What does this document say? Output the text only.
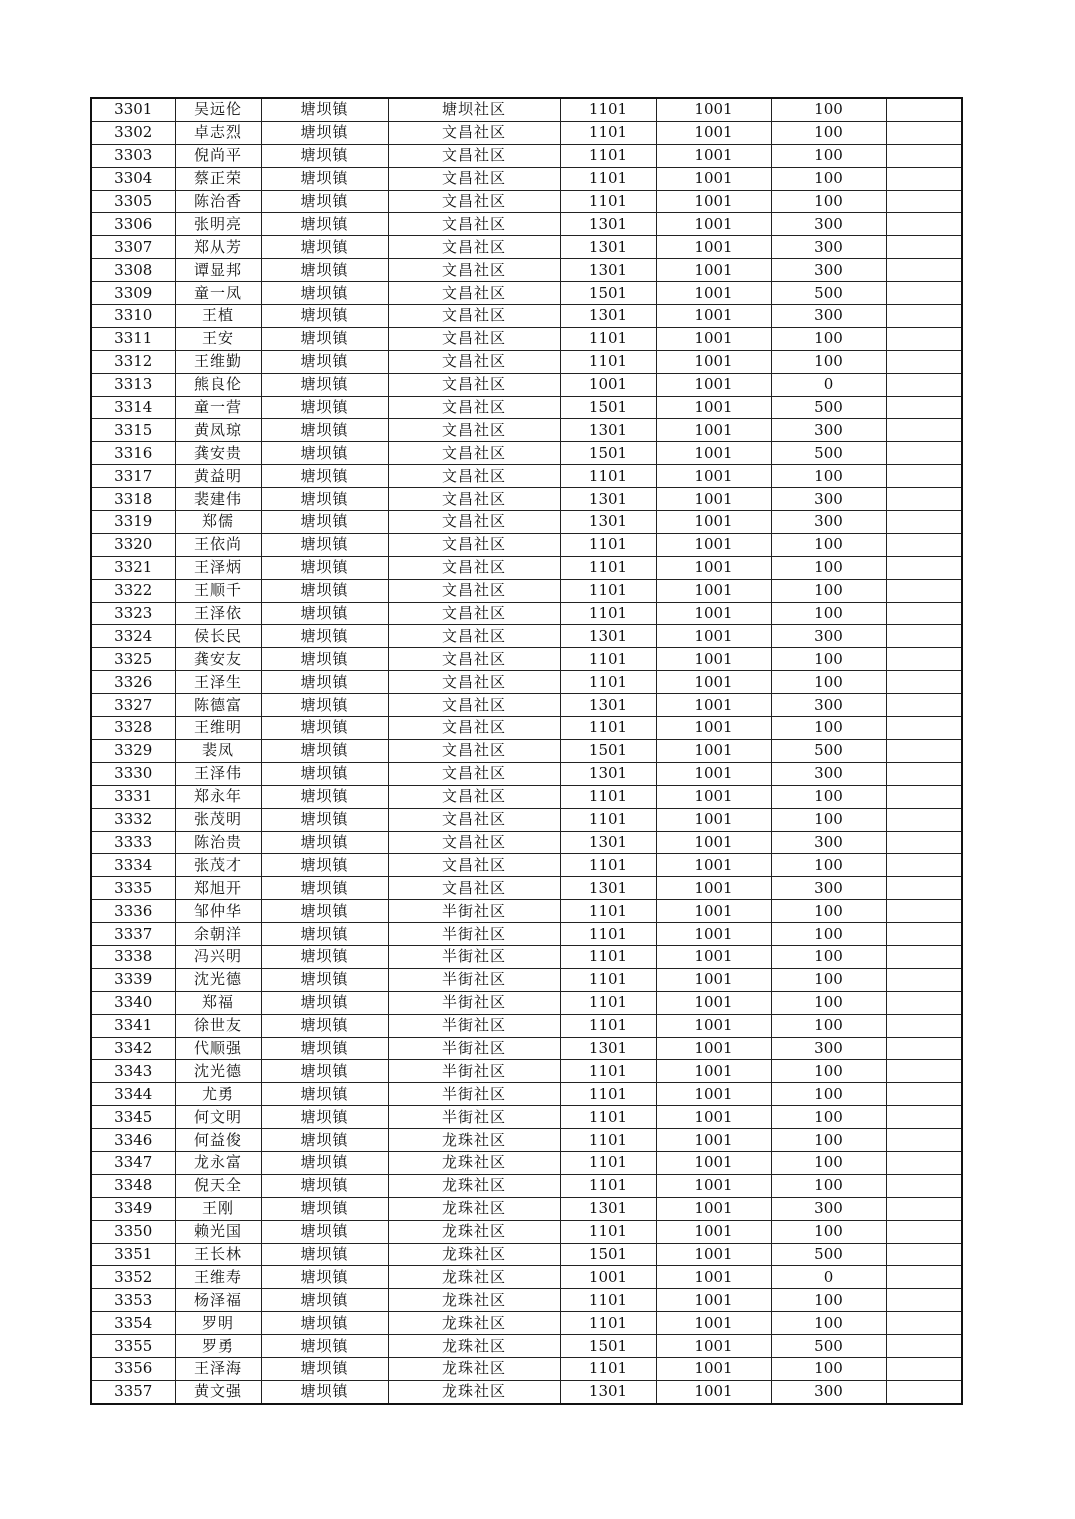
3301	吴远伦	塘坝镇	塘坝社区	1101	1001	100	
3302	卓志烈	塘坝镇	文昌社区	1101	1001	100	
3303	倪尚平	塘坝镇	文昌社区	1101	1001	100	
3304	蔡正荣	塘坝镇	文昌社区	1101	1001	100	
3305	陈治香	塘坝镇	文昌社区	1101	1001	100	
3306	张明亮	塘坝镇	文昌社区	1301	1001	300	
3307	郑从芳	塘坝镇	文昌社区	1301	1001	300	
3308	谭显邦	塘坝镇	文昌社区	1301	1001	300	
3309	童一凤	塘坝镇	文昌社区	1501	1001	500	
3310	王植	塘坝镇	文昌社区	1301	1001	300	
3311	王安	塘坝镇	文昌社区	1101	1001	100	
3312	王维勤	塘坝镇	文昌社区	1101	1001	100	
3313	熊良伦	塘坝镇	文昌社区	1001	1001	0	
3314	童一营	塘坝镇	文昌社区	1501	1001	500	
3315	黄凤琼	塘坝镇	文昌社区	1301	1001	300	
3316	龚安贵	塘坝镇	文昌社区	1501	1001	500	
3317	黄益明	塘坝镇	文昌社区	1101	1001	100	
3318	裴建伟	塘坝镇	文昌社区	1301	1001	300	
3319	郑儒	塘坝镇	文昌社区	1301	1001	300	
3320	王依尚	塘坝镇	文昌社区	1101	1001	100	
3321	王泽炳	塘坝镇	文昌社区	1101	1001	100	
3322	王顺千	塘坝镇	文昌社区	1101	1001	100	
3323	王泽依	塘坝镇	文昌社区	1101	1001	100	
3324	侯长民	塘坝镇	文昌社区	1301	1001	300	
3325	龚安友	塘坝镇	文昌社区	1101	1001	100	
3326	王泽生	塘坝镇	文昌社区	1101	1001	100	
3327	陈德富	塘坝镇	文昌社区	1301	1001	300	
3328	王维明	塘坝镇	文昌社区	1101	1001	100	
3329	裴凤	塘坝镇	文昌社区	1501	1001	500	
3330	王泽伟	塘坝镇	文昌社区	1301	1001	300	
3331	郑永年	塘坝镇	文昌社区	1101	1001	100	
3332	张茂明	塘坝镇	文昌社区	1101	1001	100	
3333	陈治贵	塘坝镇	文昌社区	1301	1001	300	
3334	张茂才	塘坝镇	文昌社区	1101	1001	100	
3335	郑旭开	塘坝镇	文昌社区	1301	1001	300	
3336	邹仲华	塘坝镇	半街社区	1101	1001	100	
3337	余朝洋	塘坝镇	半街社区	1101	1001	100	
3338	冯兴明	塘坝镇	半街社区	1101	1001	100	
3339	沈光德	塘坝镇	半街社区	1101	1001	100	
3340	郑福	塘坝镇	半街社区	1101	1001	100	
3341	徐世友	塘坝镇	半街社区	1101	1001	100	
3342	代顺强	塘坝镇	半街社区	1301	1001	300	
3343	沈光德	塘坝镇	半街社区	1101	1001	100	
3344	尤勇	塘坝镇	半街社区	1101	1001	100	
3345	何文明	塘坝镇	半街社区	1101	1001	100	
3346	何益俊	塘坝镇	龙珠社区	1101	1001	100	
3347	龙永富	塘坝镇	龙珠社区	1101	1001	100	
3348	倪天全	塘坝镇	龙珠社区	1101	1001	100	
3349	王刚	塘坝镇	龙珠社区	1301	1001	300	
3350	赖光国	塘坝镇	龙珠社区	1101	1001	100	
3351	王长林	塘坝镇	龙珠社区	1501	1001	500	
3352	王维寿	塘坝镇	龙珠社区	1001	1001	0	
3353	杨泽福	塘坝镇	龙珠社区	1101	1001	100	
3354	罗明	塘坝镇	龙珠社区	1101	1001	100	
3355	罗勇	塘坝镇	龙珠社区	1501	1001	500	
3356	王泽海	塘坝镇	龙珠社区	1101	1001	100	
3357	黄文强	塘坝镇	龙珠社区	1301	1001	300	
